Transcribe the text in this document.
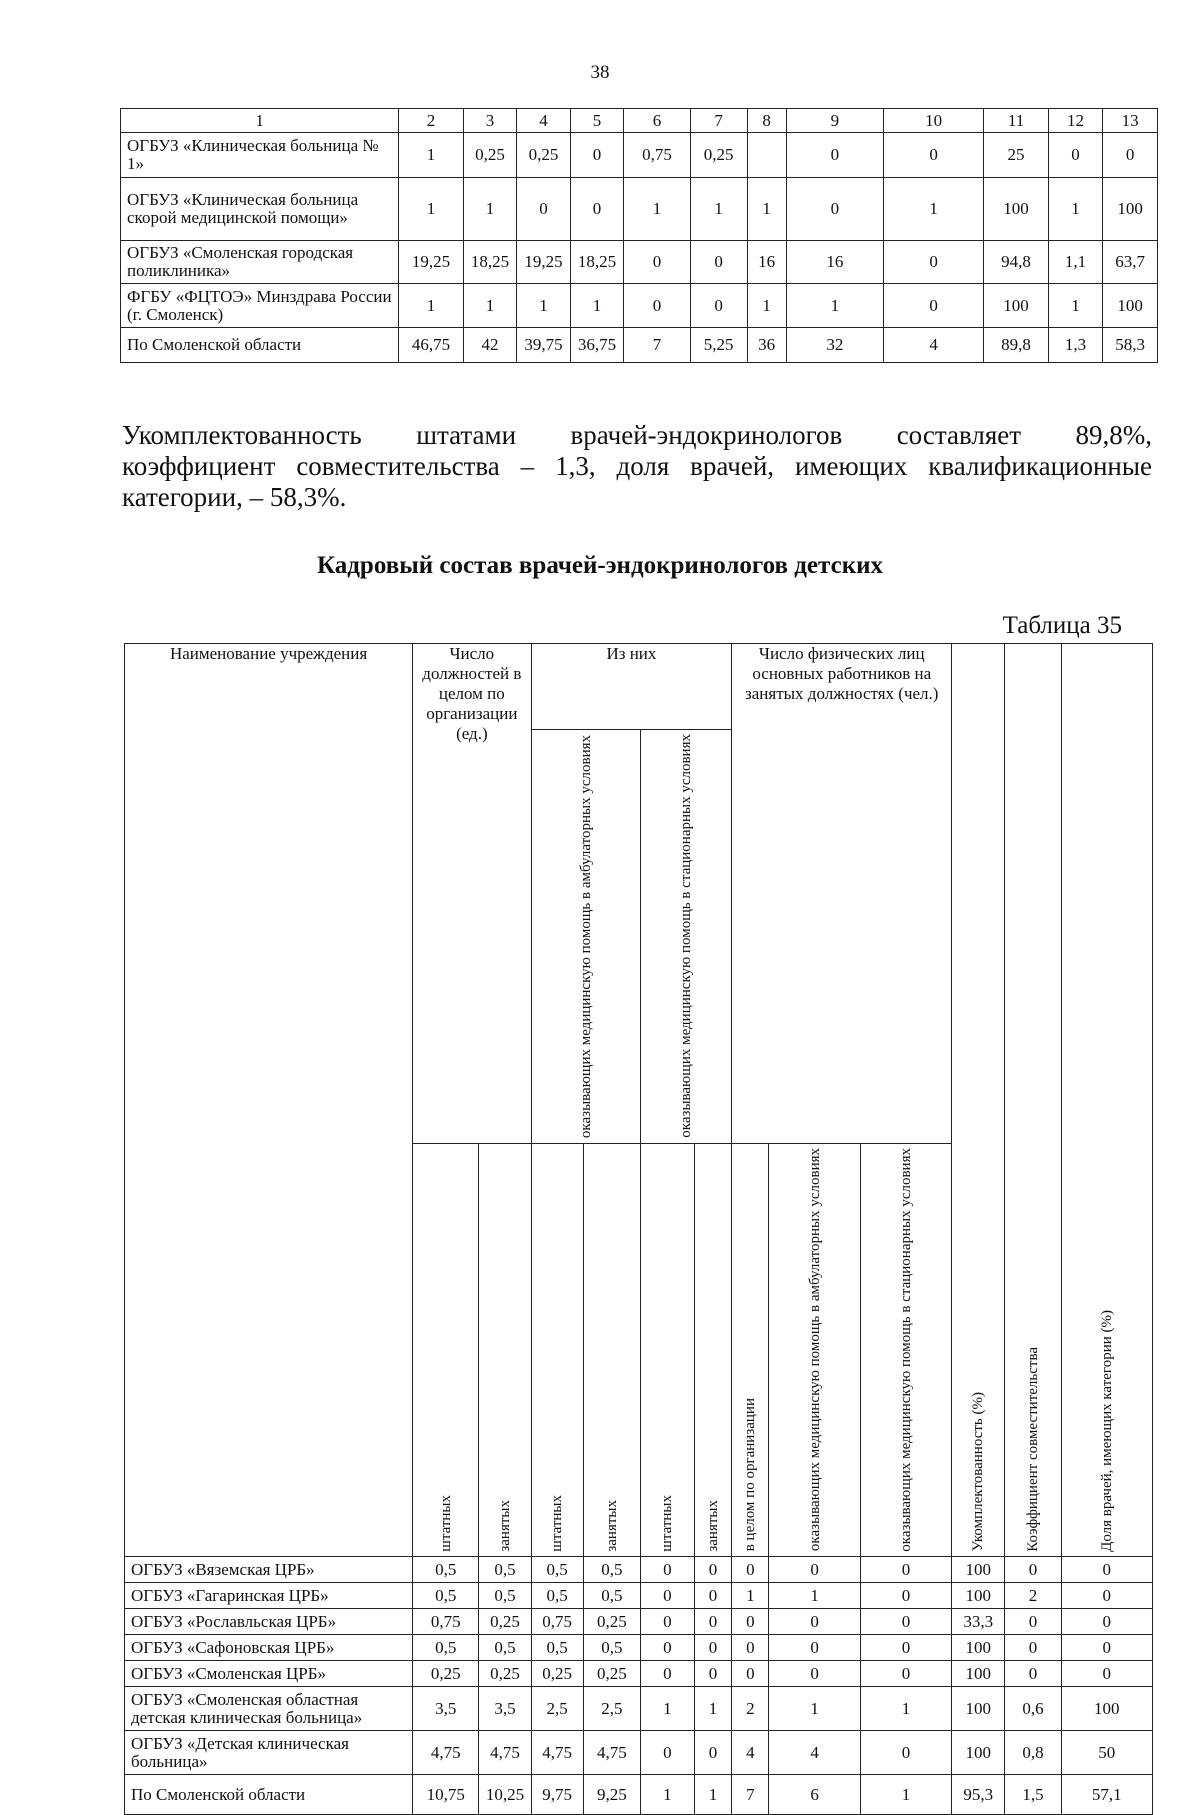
38
1	2	3	4	5	6	7	8	9	10	11	12	13
ОГБУЗ «Клиническая больница № 1»	1	0,25	0,25	0	0,75	0,25		0	0	25	0	0
ОГБУЗ «Клиническая больница скорой медицинской помощи»	1	1	0	0	1	1	1	0	1	100	1	100
ОГБУЗ «Смоленская городская поликлиника»	19,25	18,25	19,25	18,25	0	0	16	16	0	94,8	1,1	63,7
ФГБУ «ФЦТОЭ» Минздрава России (г. Смоленск)	1	1	1	1	0	0	1	1	0	100	1	100
По Смоленской области	46,75	42	39,75	36,75	7	5,25	36	32	4	89,8	1,3	58,3

Укомплектованность штатами врачей-эндокринологов составляет 89,8%,
коэффициент совместительства – 1,3, доля врачей, имеющих квалификационные
категории, – 58,3%.

Кадровый состав врачей-эндокринологов детских
Таблица 35
Наименование учреждения	Число должностей в целом по организации (ед.)		Из них				Число физических лиц основных работников на занятых должностях (чел.)			Укомплектованность (%)	Коэффициент совместительства	Доля врачей, имеющих категории (%)
			оказывающих медицинскую помощь в амбулаторных условиях		оказывающих медицинскую помощь в стационарных условиях							
	штатных	занятых	штатных	занятых	штатных	занятых	в целом по организации	оказывающих медицинскую помощь в амбулаторных условиях	оказывающих медицинскую помощь в стационарных условиях			
ОГБУЗ «Вяземская ЦРБ»	0,5	0,5	0,5	0,5	0	0	0	0	0	100	0	0
ОГБУЗ «Гагаринская ЦРБ»	0,5	0,5	0,5	0,5	0	0	1	1	0	100	2	0
ОГБУЗ «Рославльская ЦРБ»	0,75	0,25	0,75	0,25	0	0	0	0	0	33,3	0	0
ОГБУЗ «Сафоновская ЦРБ»	0,5	0,5	0,5	0,5	0	0	0	0	0	100	0	0
ОГБУЗ «Смоленская ЦРБ»	0,25	0,25	0,25	0,25	0	0	0	0	0	100	0	0
ОГБУЗ «Смоленская областная детская клиническая больница»	3,5	3,5	2,5	2,5	1	1	2	1	1	100	0,6	100
ОГБУЗ «Детская клиническая больница»	4,75	4,75	4,75	4,75	0	0	4	4	0	100	0,8	50
По Смоленской области	10,75	10,25	9,75	9,25	1	1	7	6	1	95,3	1,5	57,1
